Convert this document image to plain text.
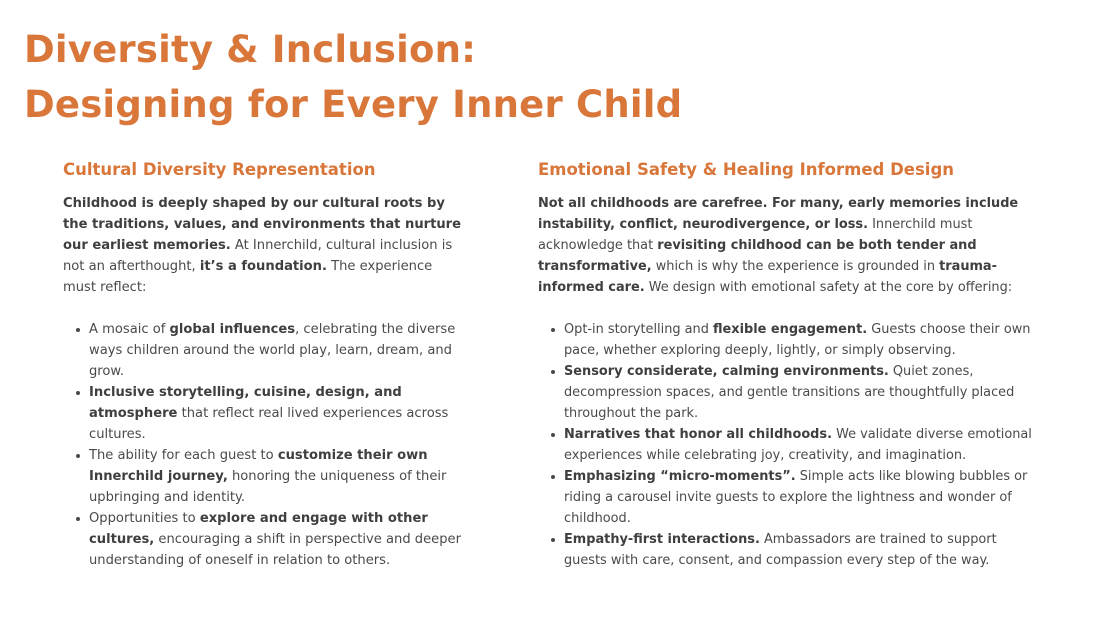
Diversity & Inclusion:
Designing for Every Inner Child
Cultural Diversity Representation

Childhood is deeply shaped by our cultural roots by the traditions, values, and environments that nurture our earliest memories. At Innerchild, cultural inclusion is not an afterthought, it’s a foundation. The experience must reflect:

A mosaic of global influences, celebrating the diverse ways children around the world play, learn, dream, and grow.
Inclusive storytelling, cuisine, design, and atmosphere that reflect real lived experiences across cultures.
The ability for each guest to customize their own Innerchild journey, honoring the uniqueness of their upbringing and identity.
Opportunities to explore and engage with other cultures, encouraging a shift in perspective and deeper understanding of oneself in relation to others.
Emotional Safety & Healing Informed Design

Not all childhoods are carefree. For many, early memories include instability, conflict, neurodivergence, or loss. Innerchild must acknowledge that revisiting childhood can be both tender and transformative, which is why the experience is grounded in trauma-informed care. We design with emotional safety at the core by offering:

Opt-in storytelling and flexible engagement. Guests choose their own pace, whether exploring deeply, lightly, or simply observing.
Sensory considerate, calming environments. Quiet zones, decompression spaces, and gentle transitions are thoughtfully placed throughout the park.
Narratives that honor all childhoods. We validate diverse emotional experiences while celebrating joy, creativity, and imagination.
Emphasizing “micro-moments”. Simple acts like blowing bubbles or riding a carousel invite guests to explore the lightness and wonder of childhood.
Empathy-first interactions. Ambassadors are trained to support guests with care, consent, and compassion every step of the way.
